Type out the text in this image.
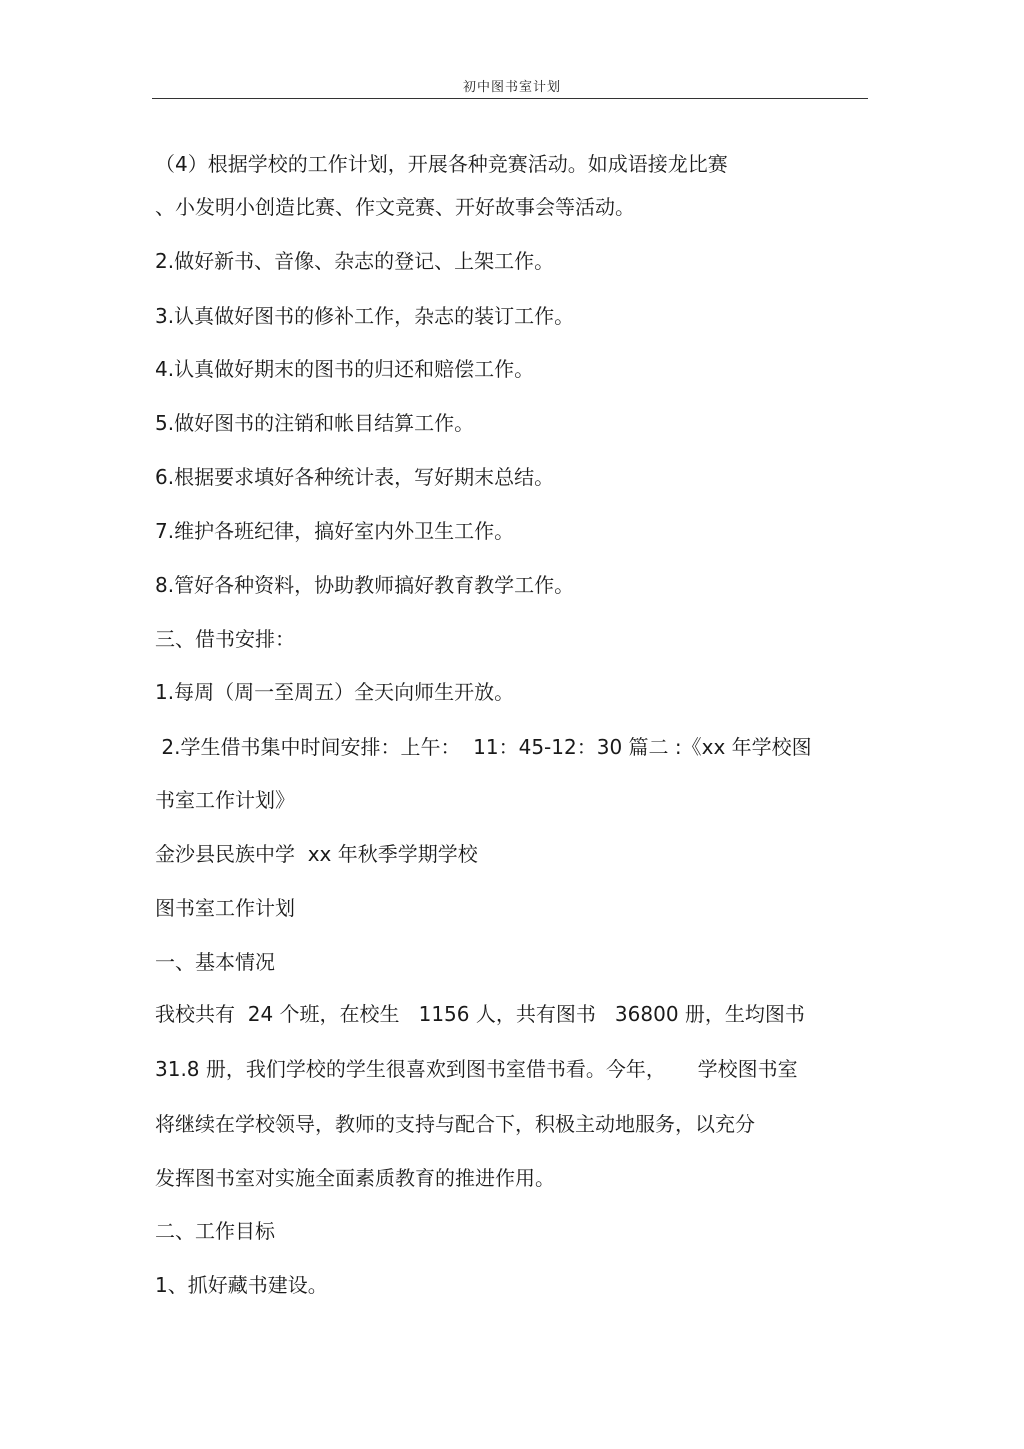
初中图书室计划
（4）根据学校的工作计划，开展各种竞赛活动。如成语接龙比赛
、小发明小创造比赛、作文竞赛、开好故事会等活动。
2.做好新书、音像、杂志的登记、上架工作。
3.认真做好图书的修补工作，杂志的装订工作。
4.认真做好期末的图书的归还和赔偿工作。
5.做好图书的注销和帐目结算工作。
6.根据要求填好各种统计表，写好期末总结。
7.维护各班纪律，搞好室内外卫生工作。
8.管好各种资料，协助教师搞好教育教学工作。
三、借书安排：
1.每周（周一至周五）全天向师生开放。
2.学生借书集中时间安排：上午：  11：45-12：30 篇二 :《xx 年学校图
书室工作计划》
金沙县民族中学  xx 年秋季学期学校
图书室工作计划
一、基本情况
我校共有  24 个班，在校生   1156 人，共有图书   36800 册，生均图书
31.8 册，我们学校的学生很喜欢到图书室借书看。今年，     学校图书室
将继续在学校领导，教师的支持与配合下，积极主动地服务，以充分
发挥图书室对实施全面素质教育的推进作用。
二、工作目标
1、抓好藏书建设。
